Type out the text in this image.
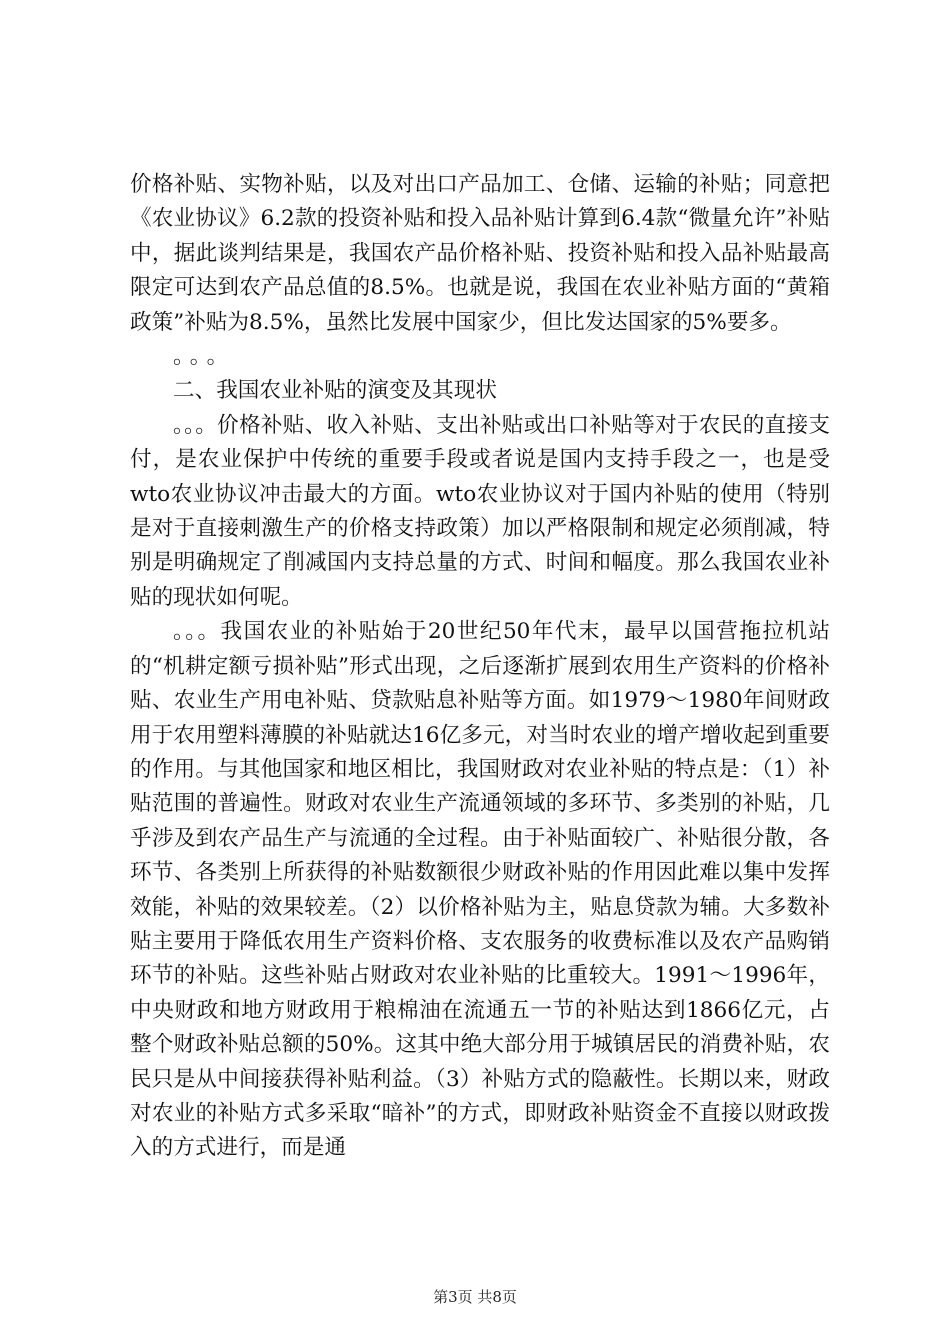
价格补贴、实物补贴，以及对出口产品加工、仓储、运输的补贴；同意把《农业协议》6.2款的投资补贴和投入品补贴计算到6.4款“微量允许”补贴中，据此谈判结果是，我国农产品价格补贴、投资补贴和投入品补贴最高限定可达到农产品总值的8.5%。也就是说，我国在农业补贴方面的“黄箱政策”补贴为8.5%，虽然比发展中国家少，但比发达国家的5%要多。

。。。

二、我国农业补贴的演变及其现状

。。。价格补贴、收入补贴、支出补贴或出口补贴等对于农民的直接支付，是农业保护中传统的重要手段或者说是国内支持手段之一，也是受wto农业协议冲击最大的方面。wto农业协议对于国内补贴的使用（特别是对于直接刺激生产的价格支持政策）加以严格限制和规定必须削减，特别是明确规定了削减国内支持总量的方式、时间和幅度。那么我国农业补贴的现状如何呢。

。。。我国农业的补贴始于20世纪50年代末，最早以国营拖拉机站的“机耕定额亏损补贴”形式出现，之后逐渐扩展到农用生产资料的价格补贴、农业生产用电补贴、贷款贴息补贴等方面。如1979～1980年间财政用于农用塑料薄膜的补贴就达16亿多元，对当时农业的增产增收起到重要的作用。与其他国家和地区相比，我国财政对农业补贴的特点是：（1）补贴范围的普遍性。财政对农业生产流通领域的多环节、多类别的补贴，几乎涉及到农产品生产与流通的全过程。由于补贴面较广、补贴很分散，各环节、各类别上所获得的补贴数额很少财政补贴的作用因此难以集中发挥效能，补贴的效果较差。（2）以价格补贴为主，贴息贷款为辅。大多数补贴主要用于降低农用生产资料价格、支农服务的收费标准以及农产品购销环节的补贴。这些补贴占财政对农业补贴的比重较大。1991～1996年，中央财政和地方财政用于粮棉油在流通五一节的补贴达到1866亿元，占整个财政补贴总额的50%。这其中绝大部分用于城镇居民的消费补贴，农民只是从中间接获得补贴利益。（3）补贴方式的隐蔽性。长期以来，财政对农业的补贴方式多采取“暗补”的方式，即财政补贴资金不直接以财政拨入的方式进行，而是通

第3页 共8页
